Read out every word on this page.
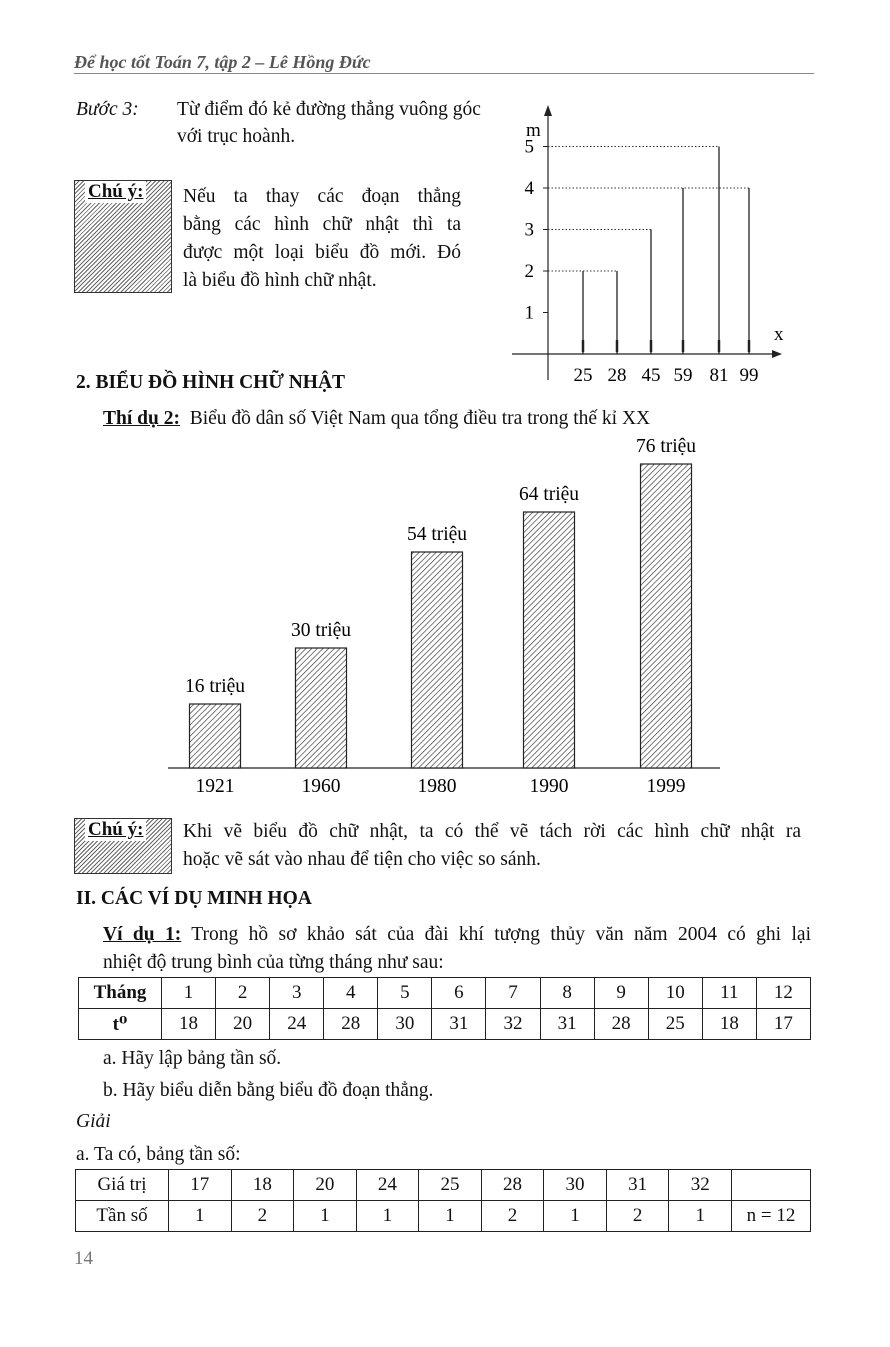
Để học tốt Toán 7, tập 2 – Lê Hồng Đức
Bước 3: Từ điểm đó kẻ đường thẳng vuông góc
với trục hoành.
Chú ý: Nếu ta thay các đoạn thẳng
bằng các hình chữ nhật thì ta
được một loại biểu đồ mới. Đó
là biểu đồ hình chữ nhật.
m
x
1
2
3
4
5
25 28 45 59 81 99
2. BIỂU ĐỒ HÌNH CHỮ NHẬT
Thí dụ 2: Biểu đồ dân số Việt Nam qua tổng điều tra trong thế kỉ XX
16 triệu
1921
30 triệu
1960
54 triệu
1980
64 triệu
1990
76 triệu
1999
Chú ý: Khi vẽ biểu đồ chữ nhật, ta có thể vẽ tách rời các hình chữ nhật ra
hoặc vẽ sát vào nhau để tiện cho việc so sánh.
II. CÁC VÍ DỤ MINH HỌA
Ví dụ 1: Trong hồ sơ khảo sát của đài khí tượng thủy văn năm 2004 có ghi lại
nhiệt độ trung bình của từng tháng như sau:
Tháng	1	2	3	4	5	6	7	8	9	10	11	12
t⁰	18	20	24	28	30	31	32	31	28	25	18	17
a. Hãy lập bảng tần số.
b. Hãy biểu diễn bằng biểu đồ đoạn thẳng.
Giải
a. Ta có, bảng tần số:
Giá trị	17	18	20	24	25	28	30	31	32	
Tần số	1	2	1	1	1	2	1	2	1	n = 12
14
